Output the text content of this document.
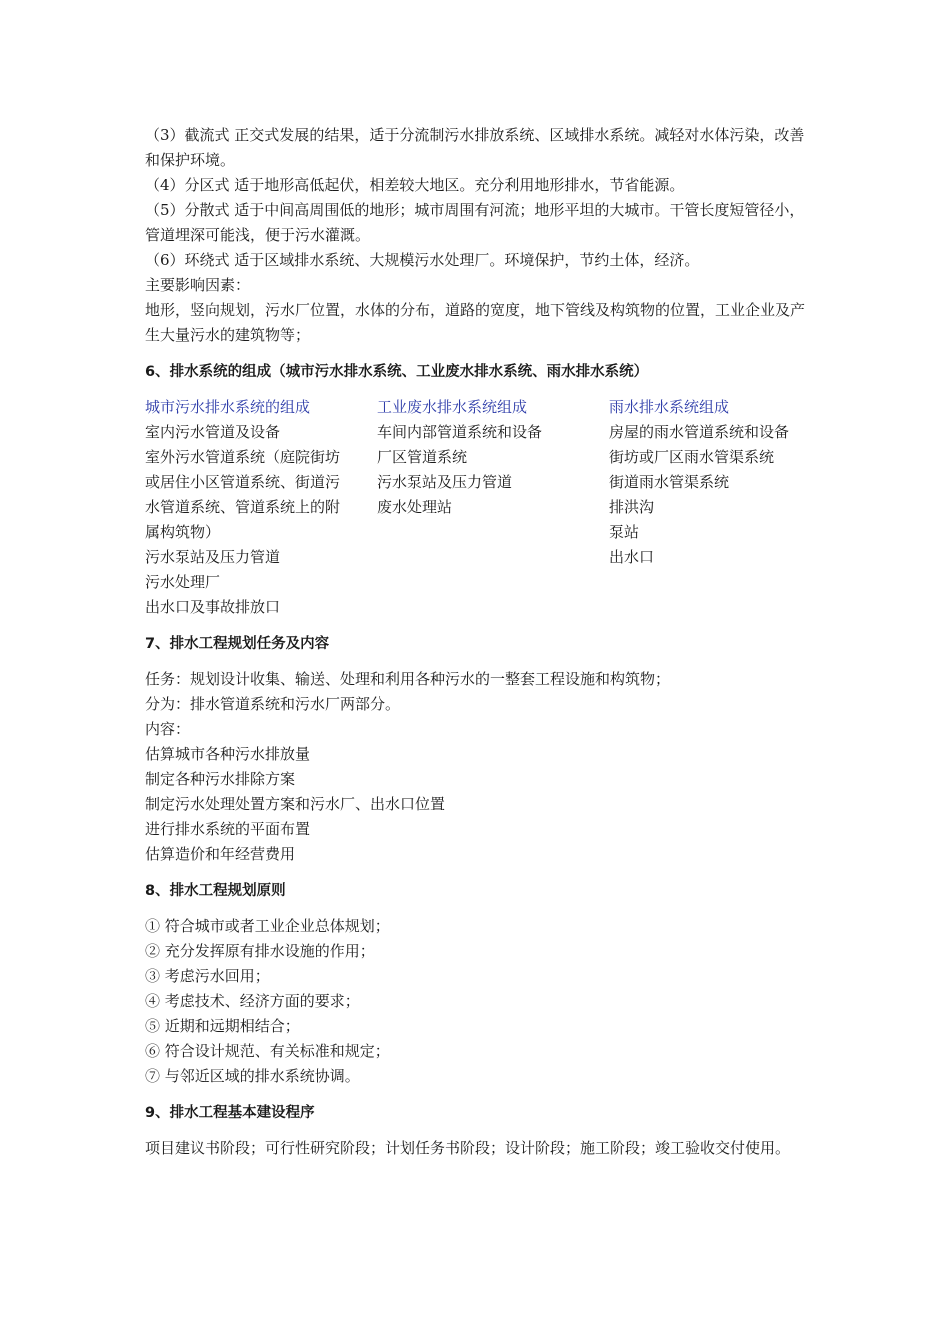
（3）截流式 正交式发展的结果，适于分流制污水排放系统、区域排水系统。减轻对水体污染，改善和保护环境。

（4）分区式 适于地形高低起伏，相差较大地区。充分利用地形排水，节省能源。

（5）分散式 适于中间高周围低的地形；城市周围有河流；地形平坦的大城市。干管长度短管径小，管道埋深可能浅，便于污水灌溉。

（6）环绕式 适于区域排水系统、大规模污水处理厂。环境保护，节约土体，经济。

主要影响因素：

地形，竖向规划，污水厂位置，水体的分布，道路的宽度，地下管线及构筑物的位置，工业企业及产生大量污水的建筑物等；

6、排水系统的组成（城市污水排水系统、工业废水排水系统、雨水排水系统）
城市污水排水系统的组成
室内污水管道及设备
室外污水管道系统（庭院街坊或居住小区管道系统、街道污水管道系统、管道系统上的附属构筑物）
污水泵站及压力管道
污水处理厂
出水口及事故排放口
工业废水排水系统组成
车间内部管道系统和设备
厂区管道系统
污水泵站及压力管道
废水处理站
雨水排水系统组成
房屋的雨水管道系统和设备
街坊或厂区雨水管渠系统
街道雨水管渠系统
排洪沟
泵站
出水口
7、排水工程规划任务及内容

任务：规划设计收集、输送、处理和利用各种污水的一整套工程设施和构筑物；

分为：排水管道系统和污水厂两部分。

内容：

估算城市各种污水排放量

制定各种污水排除方案

制定污水处理处置方案和污水厂、出水口位置

进行排水系统的平面布置

估算造价和年经营费用

8、排水工程规划原则

① 符合城市或者工业企业总体规划；

② 充分发挥原有排水设施的作用；

③ 考虑污水回用；

④ 考虑技术、经济方面的要求；

⑤ 近期和远期相结合；

⑥ 符合设计规范、有关标准和规定；

⑦ 与邻近区域的排水系统协调。

9、排水工程基本建设程序

项目建议书阶段；可行性研究阶段；计划任务书阶段；设计阶段；施工阶段；竣工验收交付使用。
